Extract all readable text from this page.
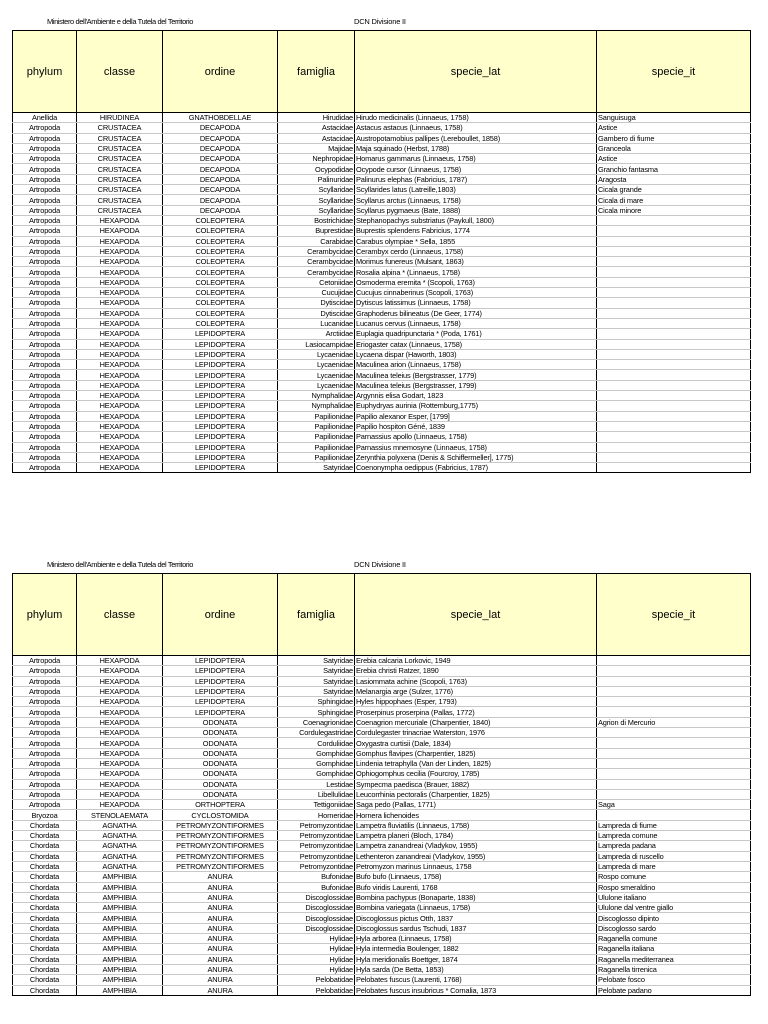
Ministero dell'Ambiente e della Tutela del Territorio	DCN Divisione II
phylum	classe	ordine	famiglia	specie_lat	specie_it
Anellida	HIRUDINEA	GNATHOBDELLAE	Hirudidae	Hirudo medicinalis (Linnaeus, 1758)	Sanguisuga
Artropoda	CRUSTACEA	DECAPODA	Astacidae	Astacus astacus (Linnaeus, 1758)	Astice
Artropoda	CRUSTACEA	DECAPODA	Astacidae	Austropotamobius pallipes (Lereboullet, 1858)	Gambero di fiume
Artropoda	CRUSTACEA	DECAPODA	Majidae	Maja squinado (Herbst, 1788)	Granceola
Artropoda	CRUSTACEA	DECAPODA	Nephropidae	Homarus gammarus (Linnaeus, 1758)	Astice
Artropoda	CRUSTACEA	DECAPODA	Ocypodidae	Ocypode cursor (Linnaeus, 1758)	Granchio fantasma
Artropoda	CRUSTACEA	DECAPODA	Palinuridae	Palinurus elephas (Fabricius, 1787)	Aragosta
Artropoda	CRUSTACEA	DECAPODA	Scyllaridae	Scyllarides latus (Latreille,1803)	Cicala grande
Artropoda	CRUSTACEA	DECAPODA	Scyllaridae	Scyllarus arctus (Linnaeus, 1758)	Cicala di mare
Artropoda	CRUSTACEA	DECAPODA	Scyllaridae	Scyllarus pygmaeus (Bate, 1888)	Cicala minore
Artropoda	HEXAPODA	COLEOPTERA	Bostrichidae	Stephanopachys substriatus (Paykull, 1800)	
Artropoda	HEXAPODA	COLEOPTERA	Buprestidae	Buprestis splendens Fabricius, 1774	
Artropoda	HEXAPODA	COLEOPTERA	Carabidae	Carabus olympiae * Sella, 1855	
Artropoda	HEXAPODA	COLEOPTERA	Cerambycidae	Cerambyx cerdo (Linnaeus, 1758)	
Artropoda	HEXAPODA	COLEOPTERA	Cerambycidae	Morimus funereus (Mulsant, 1863)	
Artropoda	HEXAPODA	COLEOPTERA	Cerambycidae	Rosalia alpina * (Linnaeus, 1758)	
Artropoda	HEXAPODA	COLEOPTERA	Cetoniidae	Osmoderma eremita * (Scopoli, 1763)	
Artropoda	HEXAPODA	COLEOPTERA	Cucujidae	Cucujus cinnaberinus (Scopoli, 1763)	
Artropoda	HEXAPODA	COLEOPTERA	Dytiscidae	Dytiscus latissimus (Linnaeus, 1758)	
Artropoda	HEXAPODA	COLEOPTERA	Dytiscidae	Graphoderus bilineatus (De Geer, 1774)	
Artropoda	HEXAPODA	COLEOPTERA	Lucanidae	Lucanus cervus (Linnaeus, 1758)	
Artropoda	HEXAPODA	LEPIDOPTERA	Arctiidae	Euplagia quadripunctaria * (Poda, 1761)	
Artropoda	HEXAPODA	LEPIDOPTERA	Lasiocampidae	Eriogaster catax (Linnaeus, 1758)	
Artropoda	HEXAPODA	LEPIDOPTERA	Lycaenidae	Lycaena dispar (Haworth, 1803)	
Artropoda	HEXAPODA	LEPIDOPTERA	Lycaenidae	Maculinea arion (Linnaeus, 1758)	
Artropoda	HEXAPODA	LEPIDOPTERA	Lycaenidae	Maculinea teleius (Bergstrasser, 1779)	
Artropoda	HEXAPODA	LEPIDOPTERA	Lycaenidae	Maculinea teleius (Bergstrasser, 1799)	
Artropoda	HEXAPODA	LEPIDOPTERA	Nymphalidae	Argynnis elisa Godart, 1823	
Artropoda	HEXAPODA	LEPIDOPTERA	Nymphalidae	Euphydryas aurinia (Rottemburg,1775)	
Artropoda	HEXAPODA	LEPIDOPTERA	Papilionidae	Papilio alexanor Esper, [1799]	
Artropoda	HEXAPODA	LEPIDOPTERA	Papilionidae	Papilio hospiton Géné, 1839	
Artropoda	HEXAPODA	LEPIDOPTERA	Papilionidae	Parnassius apollo (Linnaeus, 1758)	
Artropoda	HEXAPODA	LEPIDOPTERA	Papilionidae	Parnassius mnemosyne (Linnaeus, 1758)	
Artropoda	HEXAPODA	LEPIDOPTERA	Papilionidae	Zerynthia polyxena (Denis & Schiffermeller], 1775)	
Artropoda	HEXAPODA	LEPIDOPTERA	Satyridae	Coenonympha oedippus (Fabricius, 1787)	
Ministero dell'Ambiente e della Tutela del Territorio	DCN Divisione II
phylum	classe	ordine	famiglia	specie_lat	specie_it
Artropoda	HEXAPODA	LEPIDOPTERA	Satyridae	Erebia calcaria Lorkovic, 1949	
Artropoda	HEXAPODA	LEPIDOPTERA	Satyridae	Erebia christi Ratzer, 1890	
Artropoda	HEXAPODA	LEPIDOPTERA	Satyridae	Lasiommata achine (Scopoli, 1763)	
Artropoda	HEXAPODA	LEPIDOPTERA	Satyridae	Melanargia arge (Sulzer, 1776)	
Artropoda	HEXAPODA	LEPIDOPTERA	Sphingidae	Hyles hippophaes (Esper, 1793)	
Artropoda	HEXAPODA	LEPIDOPTERA	Sphingidae	Proserpinus proserpina (Pallas, 1772)	
Artropoda	HEXAPODA	ODONATA	Coenagrionidae	Coenagrion mercuriale (Charpentier, 1840)	Agrion di Mercurio
Artropoda	HEXAPODA	ODONATA	Cordulegastridae	Cordulegaster trinacriae Waterston, 1976	
Artropoda	HEXAPODA	ODONATA	Corduliidae	Oxygastra curtisii (Dale, 1834)	
Artropoda	HEXAPODA	ODONATA	Gomphidae	Gomphus flavipes (Charpentier, 1825)	
Artropoda	HEXAPODA	ODONATA	Gomphidae	Lindenia tetraphylla (Van der Linden, 1825)	
Artropoda	HEXAPODA	ODONATA	Gomphidae	Ophiogomphus cecilia (Fourcroy, 1785)	
Artropoda	HEXAPODA	ODONATA	Lestidae	Sympecma paedisca (Brauer, 1882)	
Artropoda	HEXAPODA	ODONATA	Libellulidae	Leucorrhinia pectoralis (Charpentier, 1825)	
Artropoda	HEXAPODA	ORTHOPTERA	Tettigoniidae	Saga pedo (Pallas, 1771)	Saga
Bryozoa	STENOLAEMATA	CYCLOSTOMIDA	Horneridae	Hornera lichenoides	
Chordata	AGNATHA	PETROMYZONTIFORMES	Petromyzontidae	Lampetra fluviatilis (Linnaeus, 1758)	Lampreda di fiume
Chordata	AGNATHA	PETROMYZONTIFORMES	Petromyzontidae	Lampetra planeri (Bloch, 1784)	Lampreda comune
Chordata	AGNATHA	PETROMYZONTIFORMES	Petromyzontidae	Lampetra zanandreai (Vladykov, 1955)	Lampreda padana
Chordata	AGNATHA	PETROMYZONTIFORMES	Petromyzontidae	Lethenteron zanandreai (Vladykov, 1955)	Lampreda di ruscello
Chordata	AGNATHA	PETROMYZONTIFORMES	Petromyzontidae	Petromyzon marinus Linnaeus, 1758	Lampreda di mare
Chordata	AMPHIBIA	ANURA	Bufonidae	Bufo bufo (Linnaeus, 1758)	Rospo comune
Chordata	AMPHIBIA	ANURA	Bufonidae	Bufo viridis Laurenti, 1768	Rospo smeraldino
Chordata	AMPHIBIA	ANURA	Discoglossidae	Bombina pachypus (Bonaparte, 1838)	Ululone italiano
Chordata	AMPHIBIA	ANURA	Discoglossidae	Bombina variegata (Linnaeus, 1758)	Ululone dal ventre giallo
Chordata	AMPHIBIA	ANURA	Discoglossidae	Discoglossus pictus Otth, 1837	Discoglosso dipinto
Chordata	AMPHIBIA	ANURA	Discoglossidae	Discoglossus sardus Tschudi, 1837	Discoglosso sardo
Chordata	AMPHIBIA	ANURA	Hylidae	Hyla arborea (Linnaeus, 1758)	Raganella comune
Chordata	AMPHIBIA	ANURA	Hylidae	Hyla intermedia Boulenger, 1882	Raganella italiana
Chordata	AMPHIBIA	ANURA	Hylidae	Hyla meridionalis Boettger, 1874	Raganella mediterranea
Chordata	AMPHIBIA	ANURA	Hylidae	Hyla sarda (De Betta, 1853)	Raganella tirrenica
Chordata	AMPHIBIA	ANURA	Pelobatidae	Pelobates fuscus (Laurenti, 1768)	Pelobate fosco
Chordata	AMPHIBIA	ANURA	Pelobatidae	Pelobates fuscus insubricus * Cornalia, 1873	Pelobate padano
